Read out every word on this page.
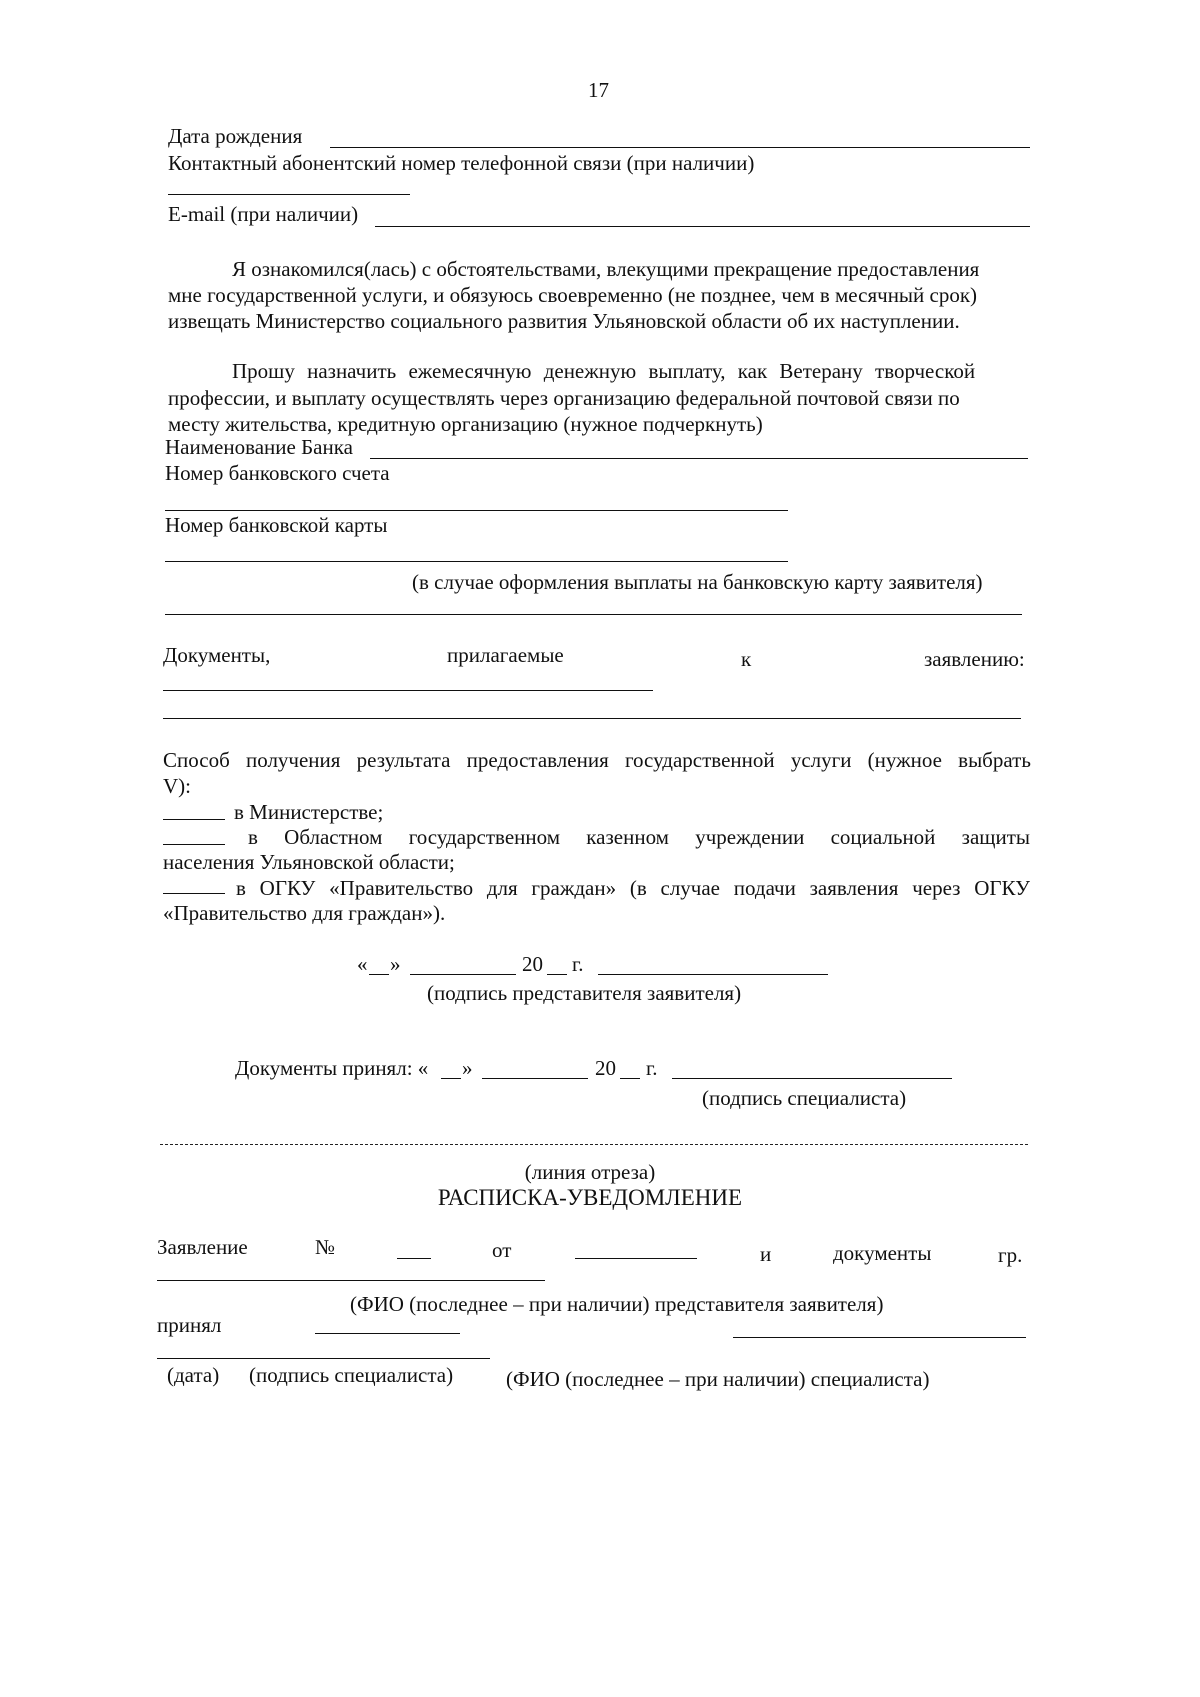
17
Дата рождения
Контактный абонентский номер телефонной связи (при наличии)
E-mail (при наличии)
Я ознакомился(лась) с обстоятельствами, влекущими прекращение предоставления
мне государственной услуги, и обязуюсь своевременно (не позднее, чем в месячный срок)
извещать Министерство социального развития Ульяновской области об их наступлении.
Прошу назначить ежемесячную денежную выплату, как Ветерану творческой
профессии, и выплату осуществлять через организацию федеральной почтовой связи по
месту жительства, кредитную организацию (нужное подчеркнуть)
Наименование Банка
Номер банковского счета
Номер банковской карты
(в случае оформления выплаты на банковскую карту заявителя)
Документы,	прилагаемые	к	заявлению:
Способ получения результата предоставления государственной услуги (нужное выбрать
V):
в Министерстве;
в Областном государственном казенном учреждении социальной защиты
населения Ульяновской области;
в ОГКУ «Правительство для граждан» (в случае подачи заявления через ОГКУ
«Правительство для граждан»).
« »	20 г.
(подпись представителя заявителя)
Документы принял: « »	20 г.
(подпись специалиста)
(линия отреза)
РАСПИСКА-УВЕДОМЛЕНИЕ
Заявление	№	от	и	документы	гр.
(ФИО (последнее – при наличии) представителя заявителя)
принял
(дата) (подпись специалиста)	(ФИО (последнее – при наличии) специалиста)
